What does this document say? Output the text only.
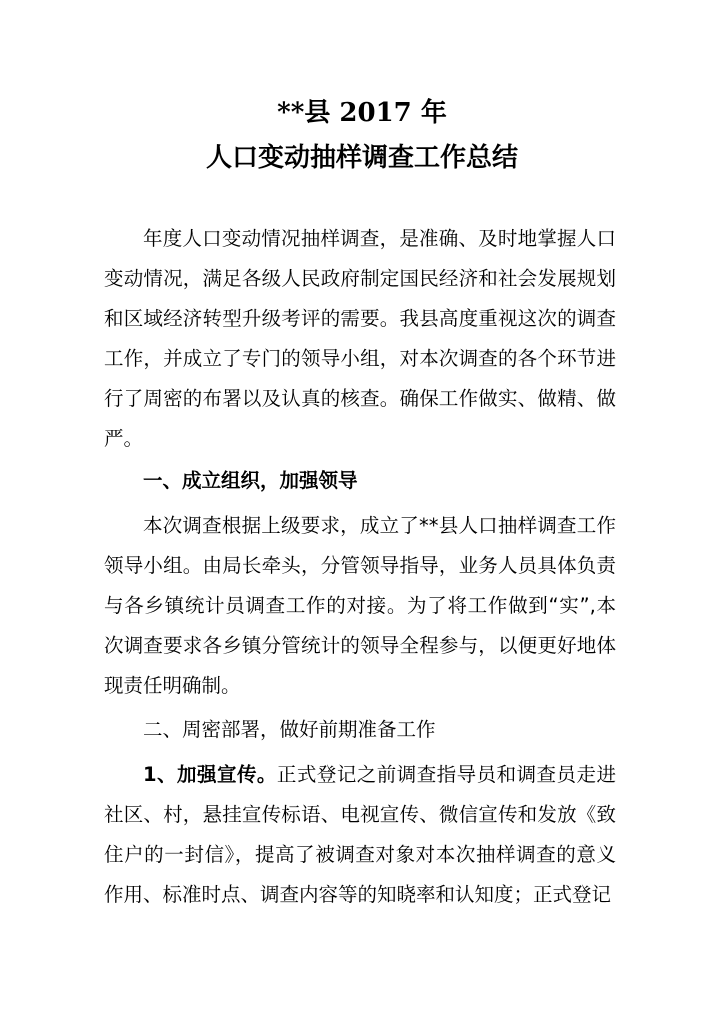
**县 2017 年
人口变动抽样调查工作总结

年度人口变动情况抽样调查，是准确、及时地掌握人口变动情况，满足各级人民政府制定国民经济和社会发展规划和区域经济转型升级考评的需要。我县高度重视这次的调查工作，并成立了专门的领导小组，对本次调查的各个环节进行了周密的布署以及认真的核查。确保工作做实、做精、做严。

一、成立组织，加强领导

本次调查根据上级要求，成立了**县人口抽样调查工作领导小组。由局长牵头，分管领导指导，业务人员具体负责与各乡镇统计员调查工作的对接。为了将工作做到“实”,本次调查要求各乡镇分管统计的领导全程参与，以便更好地体现责任明确制。

二、周密部署，做好前期准备工作

1、加强宣传。正式登记之前调查指导员和调查员走进社区、村，悬挂宣传标语、电视宣传、微信宣传和发放《致住户的一封信》，提高了被调查对象对本次抽样调查的意义作用、标准时点、调查内容等的知晓率和认知度；正式登记
